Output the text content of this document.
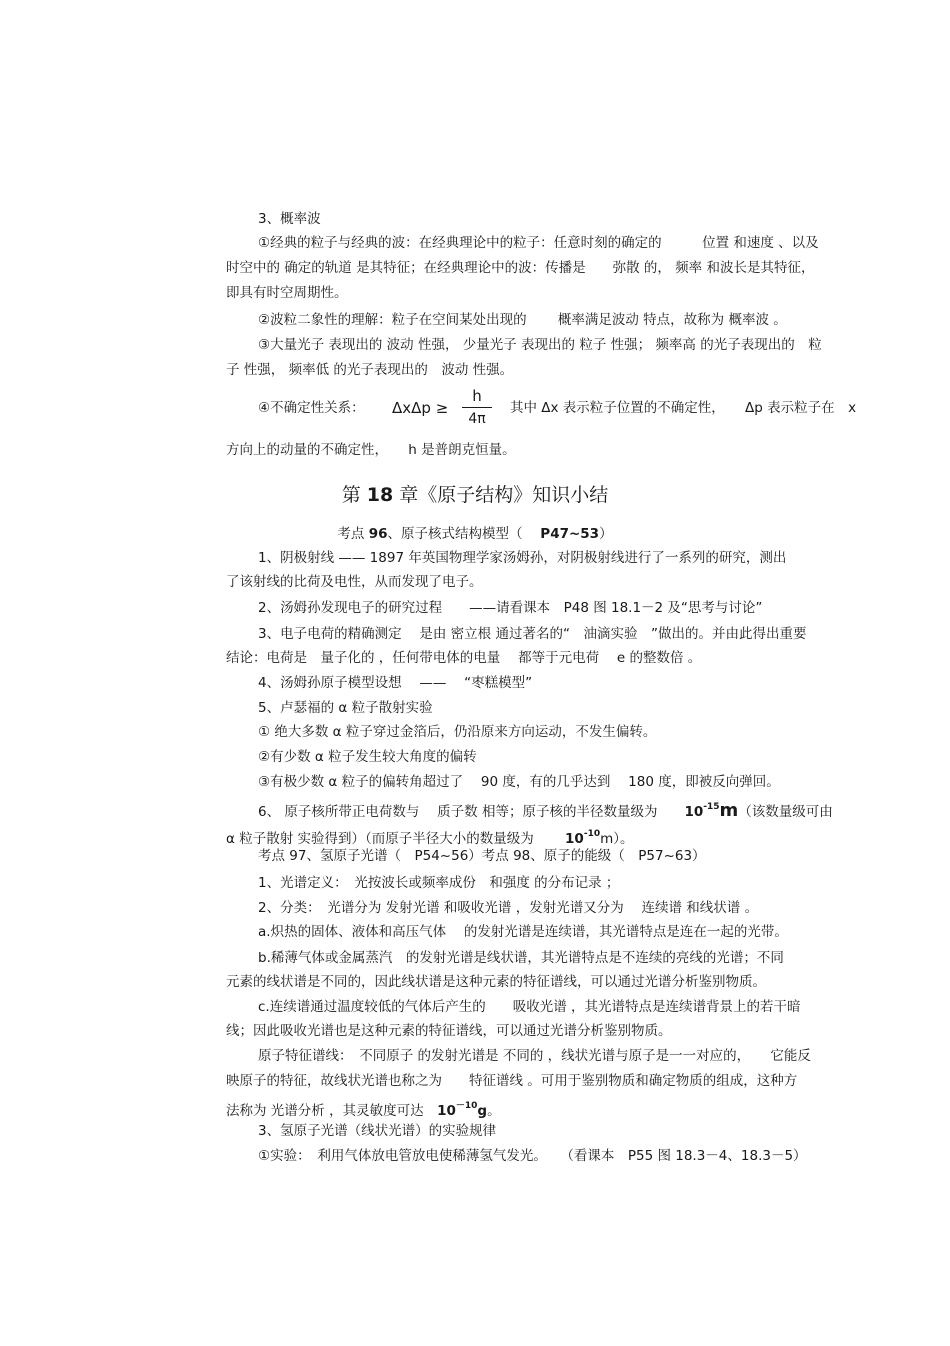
3、概率波
①经典的粒子与经典的波：在经典理论中的粒子：任意时刻的确定的　　　位置 和速度 、以及
时空中的 确定的轨道 是其特征；在经典理论中的波：传播是　　弥散 的， 频率 和波长是其特征，
即具有时空周期性。
②波粒二象性的理解：粒子在空间某处出现的　　 概率满足波动 特点，故称为 概率波 。
③大量光子 表现出的 波动 性强， 少量光子 表现出的 粒子 性强； 频率高 的光子表现出的　粒
子 性强， 频率低 的光子表现出的　波动 性强。
④不确定性关系： ΔxΔp ≥
h
4π
其中 Δx 表示粒子位置的不确定性，　　Δp 表示粒子在　x
方向上的动量的不确定性，　　h 是普朗克恒量。
第 18 章《原子结构》知识小结
考点 96、原子核式结构模型（　 P47~53）
1、阴极射线 —— 1897 年英国物理学家汤姆孙，对阴极射线进行了一系列的研究，测出
了该射线的比荷及电性，从而发现了电子。
2、汤姆孙发现电子的研究过程　　——请看课本　P48 图 18.1－2 及“思考与讨论”
3、电子电荷的精确测定　 是由 密立根 通过著名的“　油滴实验　”做出的。并由此得出重要
结论：电荷是　量子化的 ，任何带电体的电量　 都等于元电荷　 e 的整数倍 。
4、汤姆孙原子模型设想　 ——　 “枣糕模型”
5、卢瑟福的 α 粒子散射实验
① 绝大多数 α 粒子穿过金箔后，仍沿原来方向运动，不发生偏转。
②有少数 α 粒子发生较大角度的偏转
③有极少数 α 粒子的偏转角超过了　 90 度，有的几乎达到　 180 度，即被反向弹回。
6、 原子核所带正电荷数与　 质子数 相等；原子核的半径数量级为　　$10^{-15}m$（该数量级可由
α 粒子散射 实验得到）（而原子半径大小的数量级为　　 $10^{-10}m$）。
考点 97、氢原子光谱（　P54~56）考点 98、原子的能级（　P57~63）
1、光谱定义：　光按波长或频率成份　和强度 的分布记录 ；
2、分类：　光谱分为 发射光谱 和吸收光谱 ，发射光谱又分为　 连续谱 和线状谱 。
a.炽热的固体、液体和高压气体　 的发射光谱是连续谱，其光谱特点是连在一起的光带。
b.稀薄气体或金属蒸汽　的发射光谱是线状谱，其光谱特点是不连续的亮线的光谱；不同
元素的线状谱是不同的，因此线状谱是这种元素的特征谱线，可以通过光谱分析鉴别物质。
c.连续谱通过温度较低的气体后产生的　　吸收光谱 ，其光谱特点是连续谱背景上的若干暗
线；因此吸收光谱也是这种元素的特征谱线，可以通过光谱分析鉴别物质。
原子特征谱线：　不同原子 的发射光谱是 不同的 ，线状光谱与原子是一一对应的，　　它能反
映原子的特征，故线状光谱也称之为　　特征谱线 。可用于鉴别物质和确定物质的组成，这种方
法称为 光谱分析 ，其灵敏度可达　$10^{-10}g$。
3、氢原子光谱（线状光谱）的实验规律
①实验：　利用气体放电管放电使稀薄氢气发光。　　（看课本　P55 图 18.3－4、18.3－5）
